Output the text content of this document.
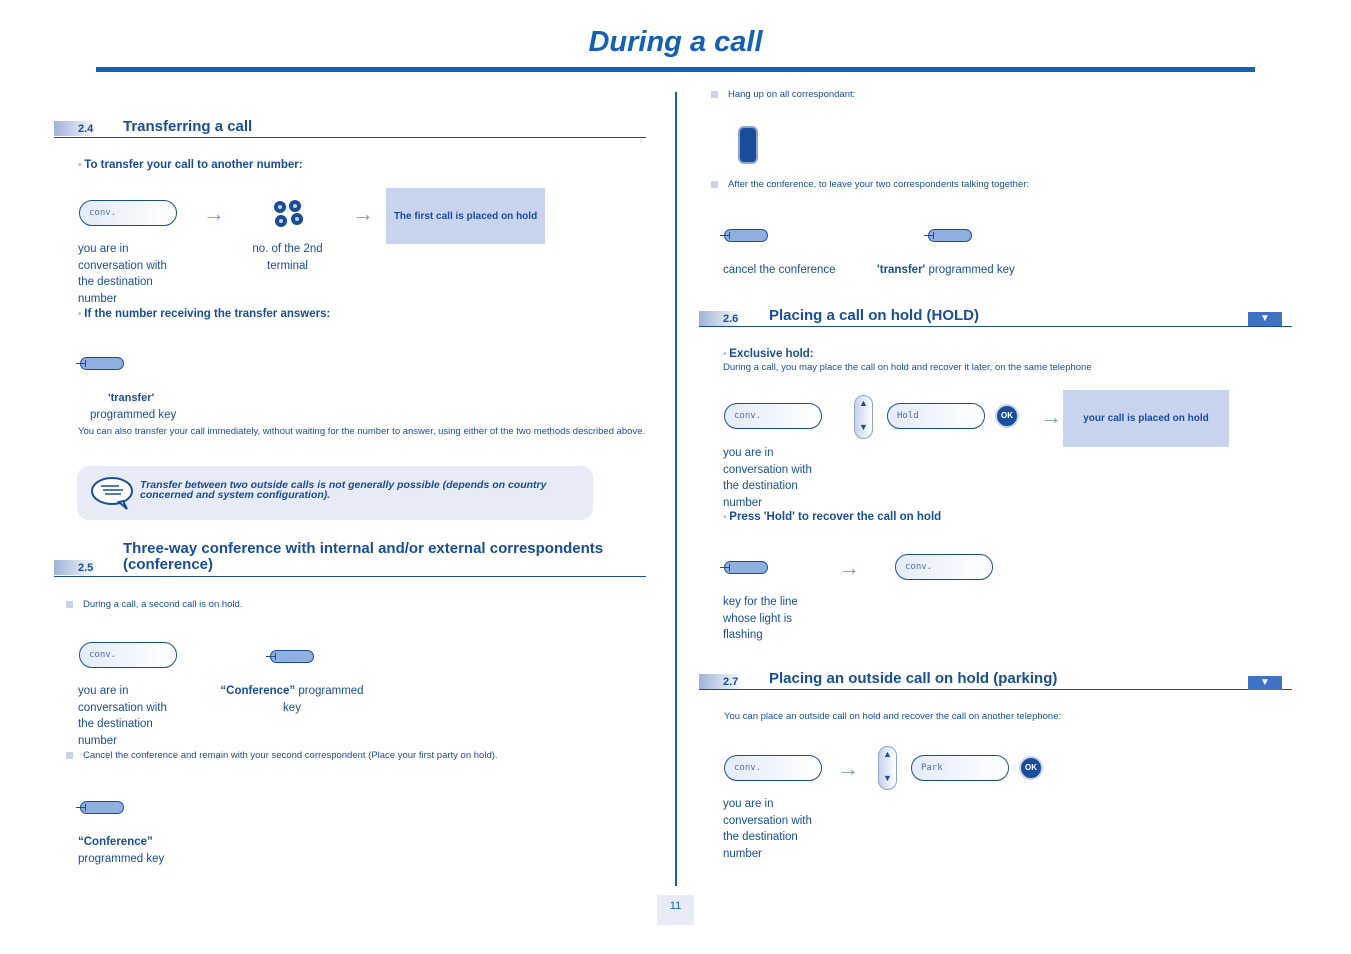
During a call
11
2.4	Transferring a call
• To transfer your call to another number:
conv.	→	→	The first call is placed on hold
you are in
conversation with
the destination
number
no. of the 2nd
terminal
• If the number receiving the transfer answers:
'transfer'
programmed key
You can also transfer your call immediately, without waiting for the number to answer, using either of the two methods described above.
Transfer between two outside calls is not generally possible (depends on country concerned and system configuration).
2.5
Three-way conference with internal and/or external correspondents
(conference)
During a call, a second call is on hold.
conv.
you are in
conversation with
the destination
number
“Conference” programmed
key
Cancel the conference and remain with your second correspondent (Place your first party on hold).
“Conference”
programmed key
Hang up on all correspondant:
After the conference, to leave your two correspondents talking together:
cancel the conference	'transfer' programmed key
2.6	Placing a call on hold (HOLD)	▼
• Exclusive hold:
During a call, you may place the call on hold and recover it later, on the same telephone
conv.
▲
▼
Hold	OK →	your call is placed on hold
you are in
conversation with
the destination
number
• Press 'Hold' to recover the call on hold
→	conv.
key for the line
whose light is
flashing
2.7	Placing an outside call on hold (parking)	▼
You can place an outside call on hold and recover the call on another telephone:
conv.	→
▲
▼
Park	OK
you are in
conversation with
the destination
number
